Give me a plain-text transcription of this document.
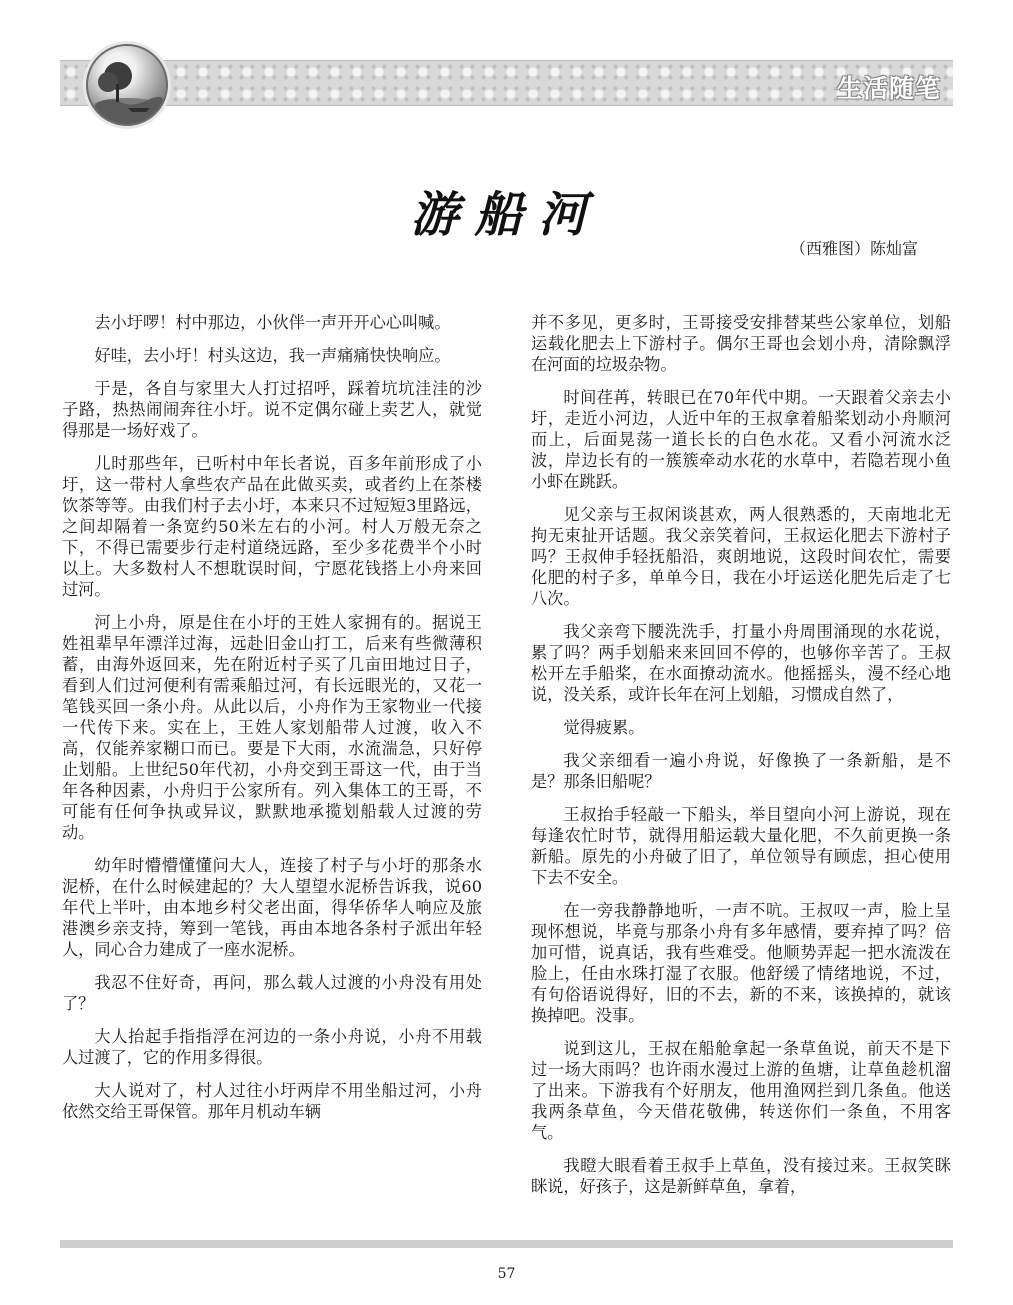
生活随笔
游船河
（西雅图）陈灿富

去小圩啰！村中那边，小伙伴一声开开心心叫喊。

好哇，去小圩！村头这边，我一声痛痛快快响应。

于是，各自与家里大人打过招呼，踩着坑坑洼洼的沙子路，热热闹闹奔往小圩。说不定偶尔碰上卖艺人，就觉得那是一场好戏了。

儿时那些年，已听村中年长者说，百多年前形成了小圩，这一带村人拿些农产品在此做买卖，或者约上在茶楼饮茶等等。由我们村子去小圩，本来只不过短短3里路远，之间却隔着一条宽约50米左右的小河。村人万般无奈之下，不得已需要步行走村道绕远路，至少多花费半个小时以上。大多数村人不想耽误时间，宁愿花钱搭上小舟来回过河。

河上小舟，原是住在小圩的王姓人家拥有的。据说王姓祖辈早年漂洋过海，远赴旧金山打工，后来有些微薄积蓄，由海外返回来，先在附近村子买了几亩田地过日子，看到人们过河便利有需乘船过河，有长远眼光的，又花一笔钱买回一条小舟。从此以后，小舟作为王家物业一代接一代传下来。实在上，王姓人家划船带人过渡，收入不高，仅能养家糊口而已。要是下大雨，水流湍急，只好停止划船。上世纪50年代初，小舟交到王哥这一代，由于当年各种因素，小舟归于公家所有。列入集体工的王哥，不可能有任何争执或异议，默默地承揽划船载人过渡的劳动。

幼年时懵懵懂懂问大人，连接了村子与小圩的那条水泥桥，在什么时候建起的？大人望望水泥桥告诉我，说60年代上半叶，由本地乡村父老出面，得华侨华人响应及旅港澳乡亲支持，筹到一笔钱，再由本地各条村子派出年轻人，同心合力建成了一座水泥桥。

我忍不住好奇，再问，那么载人过渡的小舟没有用处了？

大人抬起手指指浮在河边的一条小舟说，小舟不用载人过渡了，它的作用多得很。

大人说对了，村人过往小圩两岸不用坐船过河，小舟依然交给王哥保管。那年月机动车辆

并不多见，更多时，王哥接受安排替某些公家单位，划船运载化肥去上下游村子。偶尔王哥也会划小舟，清除飘浮在河面的垃圾杂物。

时间荏苒，转眼已在70年代中期。一天跟着父亲去小圩，走近小河边，人近中年的王叔拿着船桨划动小舟顺河而上，后面晃荡一道长长的白色水花。又看小河流水泛波，岸边长有的一簇簇牵动水花的水草中，若隐若现小鱼小虾在跳跃。

见父亲与王叔闲谈甚欢，两人很熟悉的，天南地北无拘无束扯开话题。我父亲笑着问，王叔运化肥去下游村子吗？王叔伸手轻抚船沿，爽朗地说，这段时间农忙，需要化肥的村子多，单单今日，我在小圩运送化肥先后走了七八次。

我父亲弯下腰洗洗手，打量小舟周围涌现的水花说，累了吗？两手划船来来回回不停的，也够你辛苦了。王叔松开左手船桨，在水面撩动流水。他摇摇头，漫不经心地说，没关系，或许长年在河上划船，习惯成自然了，

觉得疲累。

我父亲细看一遍小舟说，好像换了一条新船，是不是？那条旧船呢？

王叔抬手轻敲一下船头，举目望向小河上游说，现在每逢农忙时节，就得用船运载大量化肥，不久前更换一条新船。原先的小舟破了旧了，单位领导有顾虑，担心使用下去不安全。

在一旁我静静地听，一声不吭。王叔叹一声，脸上呈现怀想说，毕竟与那条小舟有多年感情，要弃掉了吗？倍加可惜，说真话，我有些难受。他顺势弄起一把水流泼在脸上，任由水珠打湿了衣服。他舒缓了情绪地说，不过，有句俗语说得好，旧的不去，新的不来，该换掉的，就该换掉吧。没事。

说到这儿，王叔在船舱拿起一条草鱼说，前天不是下过一场大雨吗？也许雨水漫过上游的鱼塘，让草鱼趁机溜了出来。下游我有个好朋友，他用渔网拦到几条鱼。他送我两条草鱼，今天借花敬佛，转送你们一条鱼，不用客气。

我瞪大眼看着王叔手上草鱼，没有接过来。王叔笑眯眯说，好孩子，这是新鲜草鱼，拿着，

57
